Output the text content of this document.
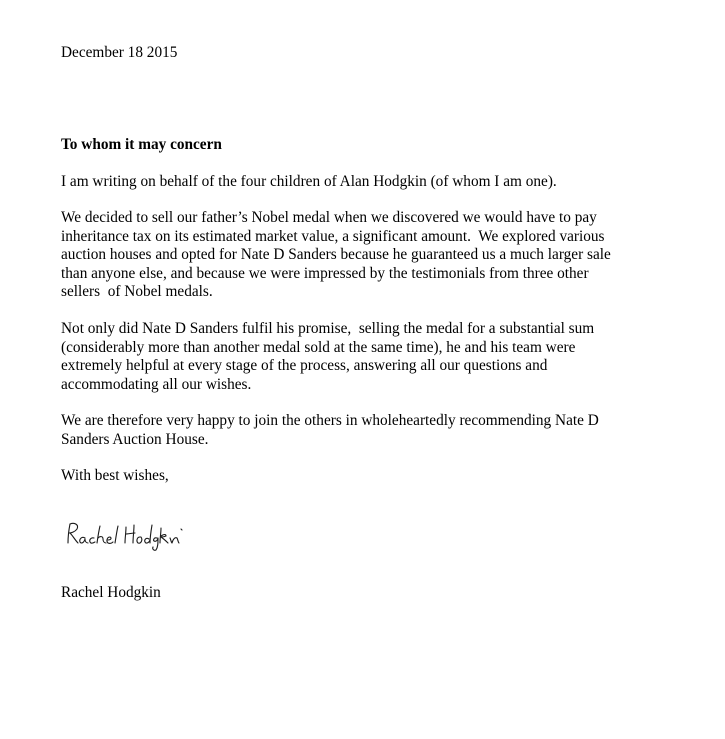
December 18 2015

To whom it may concern

I am writing on behalf of the four children of Alan Hodgkin (of whom I am one).

We decided to sell our father’s Nobel medal when we discovered we would have to pay

inheritance tax on its estimated market value, a significant amount.  We explored various

auction houses and opted for Nate D Sanders because he guaranteed us a much larger sale

than anyone else, and because we were impressed by the testimonials from three other

sellers  of Nobel medals.

Not only did Nate D Sanders fulfil his promise,  selling the medal for a substantial sum

(considerably more than another medal sold at the same time), he and his team were

extremely helpful at every stage of the process, answering all our questions and

accommodating all our wishes.

We are therefore very happy to join the others in wholeheartedly recommending Nate D

Sanders Auction House.

With best wishes,

Rachel Hodgkin
